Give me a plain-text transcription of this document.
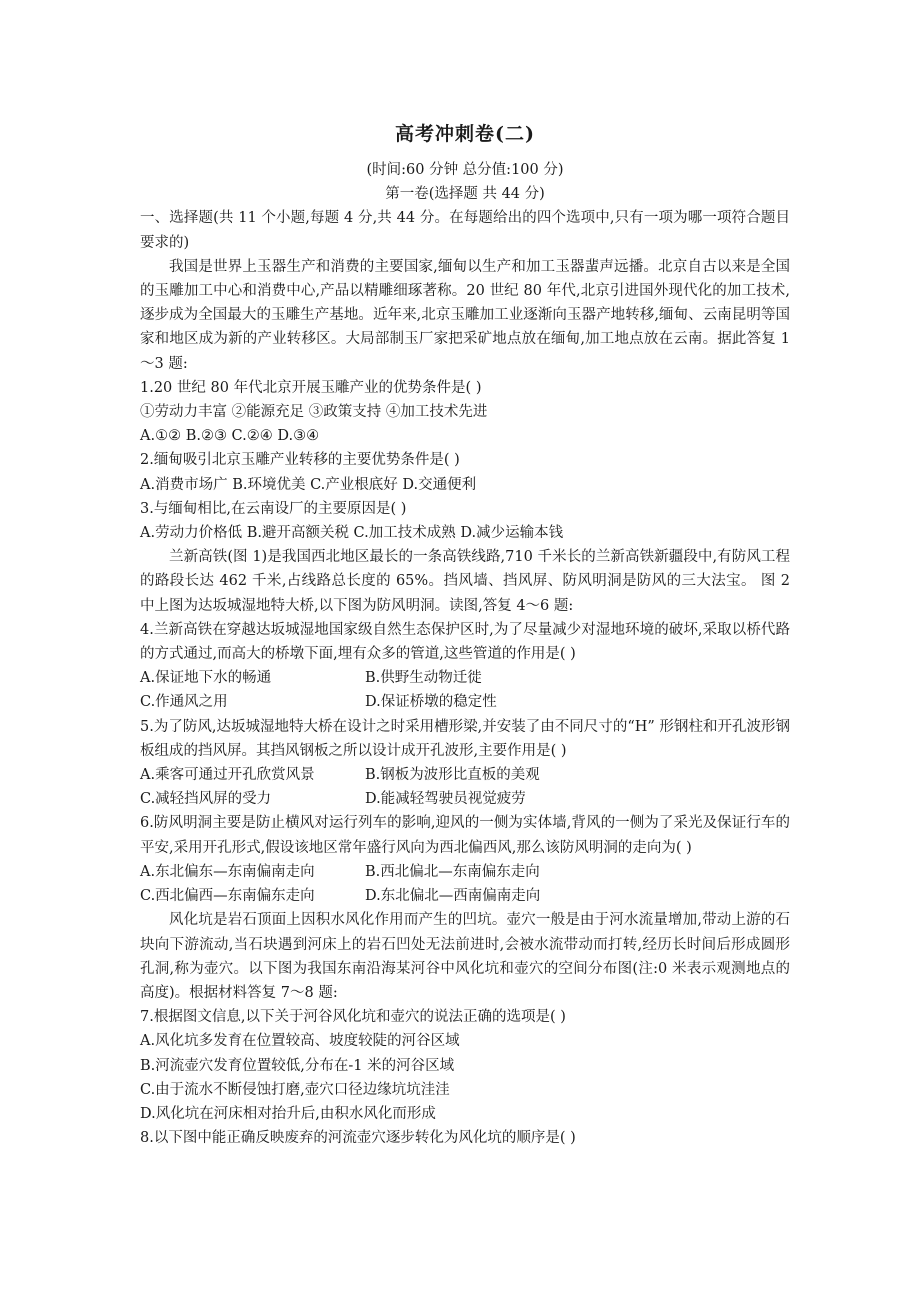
高考冲刺卷(二)
(时间:60 分钟 总分值:100 分)
第一卷(选择题 共 44 分)

一、选择题(共 11 个小题,每题 4 分,共 44 分。在每题给出的四个选项中,只有一项为哪一项符合题目要求的)

我国是世界上玉器生产和消费的主要国家,缅甸以生产和加工玉器蜚声远播。北京自古以来是全国的玉雕加工中心和消费中心,产品以精雕细琢著称。20 世纪 80 年代,北京引进国外现代化的加工技术,逐步成为全国最大的玉雕生产基地。近年来,北京玉雕加工业逐渐向玉器产地转移,缅甸、云南昆明等国家和地区成为新的产业转移区。大局部制玉厂家把采矿地点放在缅甸,加工地点放在云南。据此答复 1～3 题:

1.20 世纪 80 年代北京开展玉雕产业的优势条件是( )
①劳动力丰富 ②能源充足 ③政策支持 ④加工技术先进
A.①② B.②③ C.②④ D.③④
2.缅甸吸引北京玉雕产业转移的主要优势条件是( )
A.消费市场广 B.环境优美 C.产业根底好 D.交通便利
3.与缅甸相比,在云南设厂的主要原因是( )
A.劳动力价格低 B.避开高额关税 C.加工技术成熟 D.减少运输本钱

兰新高铁(图 1)是我国西北地区最长的一条高铁线路,710 千米长的兰新高铁新疆段中,有防风工程的路段长达 462 千米,占线路总长度的 65%。挡风墙、挡风屏、防风明洞是防风的三大法宝。 图 2 中上图为达坂城湿地特大桥,以下图为防风明洞。读图,答复 4～6 题:

4.兰新高铁在穿越达坂城湿地国家级自然生态保护区时,为了尽量减少对湿地环境的破坏,采取以桥代路的方式通过,而高大的桥墩下面,埋有众多的管道,这些管道的作用是( )

A.保证地下水的畅通	B.供野生动物迁徙
C.作通风之用	D.保证桥墩的稳定性

5.为了防风,达坂城湿地特大桥在设计之时采用槽形梁,并安装了由不同尺寸的“H” 形钢柱和开孔波形钢板组成的挡风屏。其挡风钢板之所以设计成开孔波形,主要作用是( )

A.乘客可通过开孔欣赏风景	B.钢板为波形比直板的美观
C.减轻挡风屏的受力	D.能减轻驾驶员视觉疲劳

6.防风明洞主要是防止横风对运行列车的影响,迎风的一侧为实体墙,背风的一侧为了采光及保证行车的平安,采用开孔形式,假设该地区常年盛行风向为西北偏西风,那么该防风明洞的走向为( )

A.东北偏东—东南偏南走向	B.西北偏北—东南偏东走向
C.西北偏西—东南偏东走向	D.东北偏北—西南偏南走向

风化坑是岩石顶面上因积水风化作用而产生的凹坑。壶穴一般是由于河水流量增加,带动上游的石块向下游流动,当石块遇到河床上的岩石凹处无法前进时,会被水流带动而打转,经历长时间后形成圆形孔洞,称为壶穴。以下图为我国东南沿海某河谷中风化坑和壶穴的空间分布图(注:0 米表示观测地点的高度)。根据材料答复 7～8 题:

7.根据图文信息,以下关于河谷风化坑和壶穴的说法正确的选项是( )
A.风化坑多发育在位置较高、坡度较陡的河谷区域
B.河流壶穴发育位置较低,分布在-1 米的河谷区域
C.由于流水不断侵蚀打磨,壶穴口径边缘坑坑洼洼
D.风化坑在河床相对抬升后,由积水风化而形成
8.以下图中能正确反映废弃的河流壶穴逐步转化为风化坑的顺序是( )
